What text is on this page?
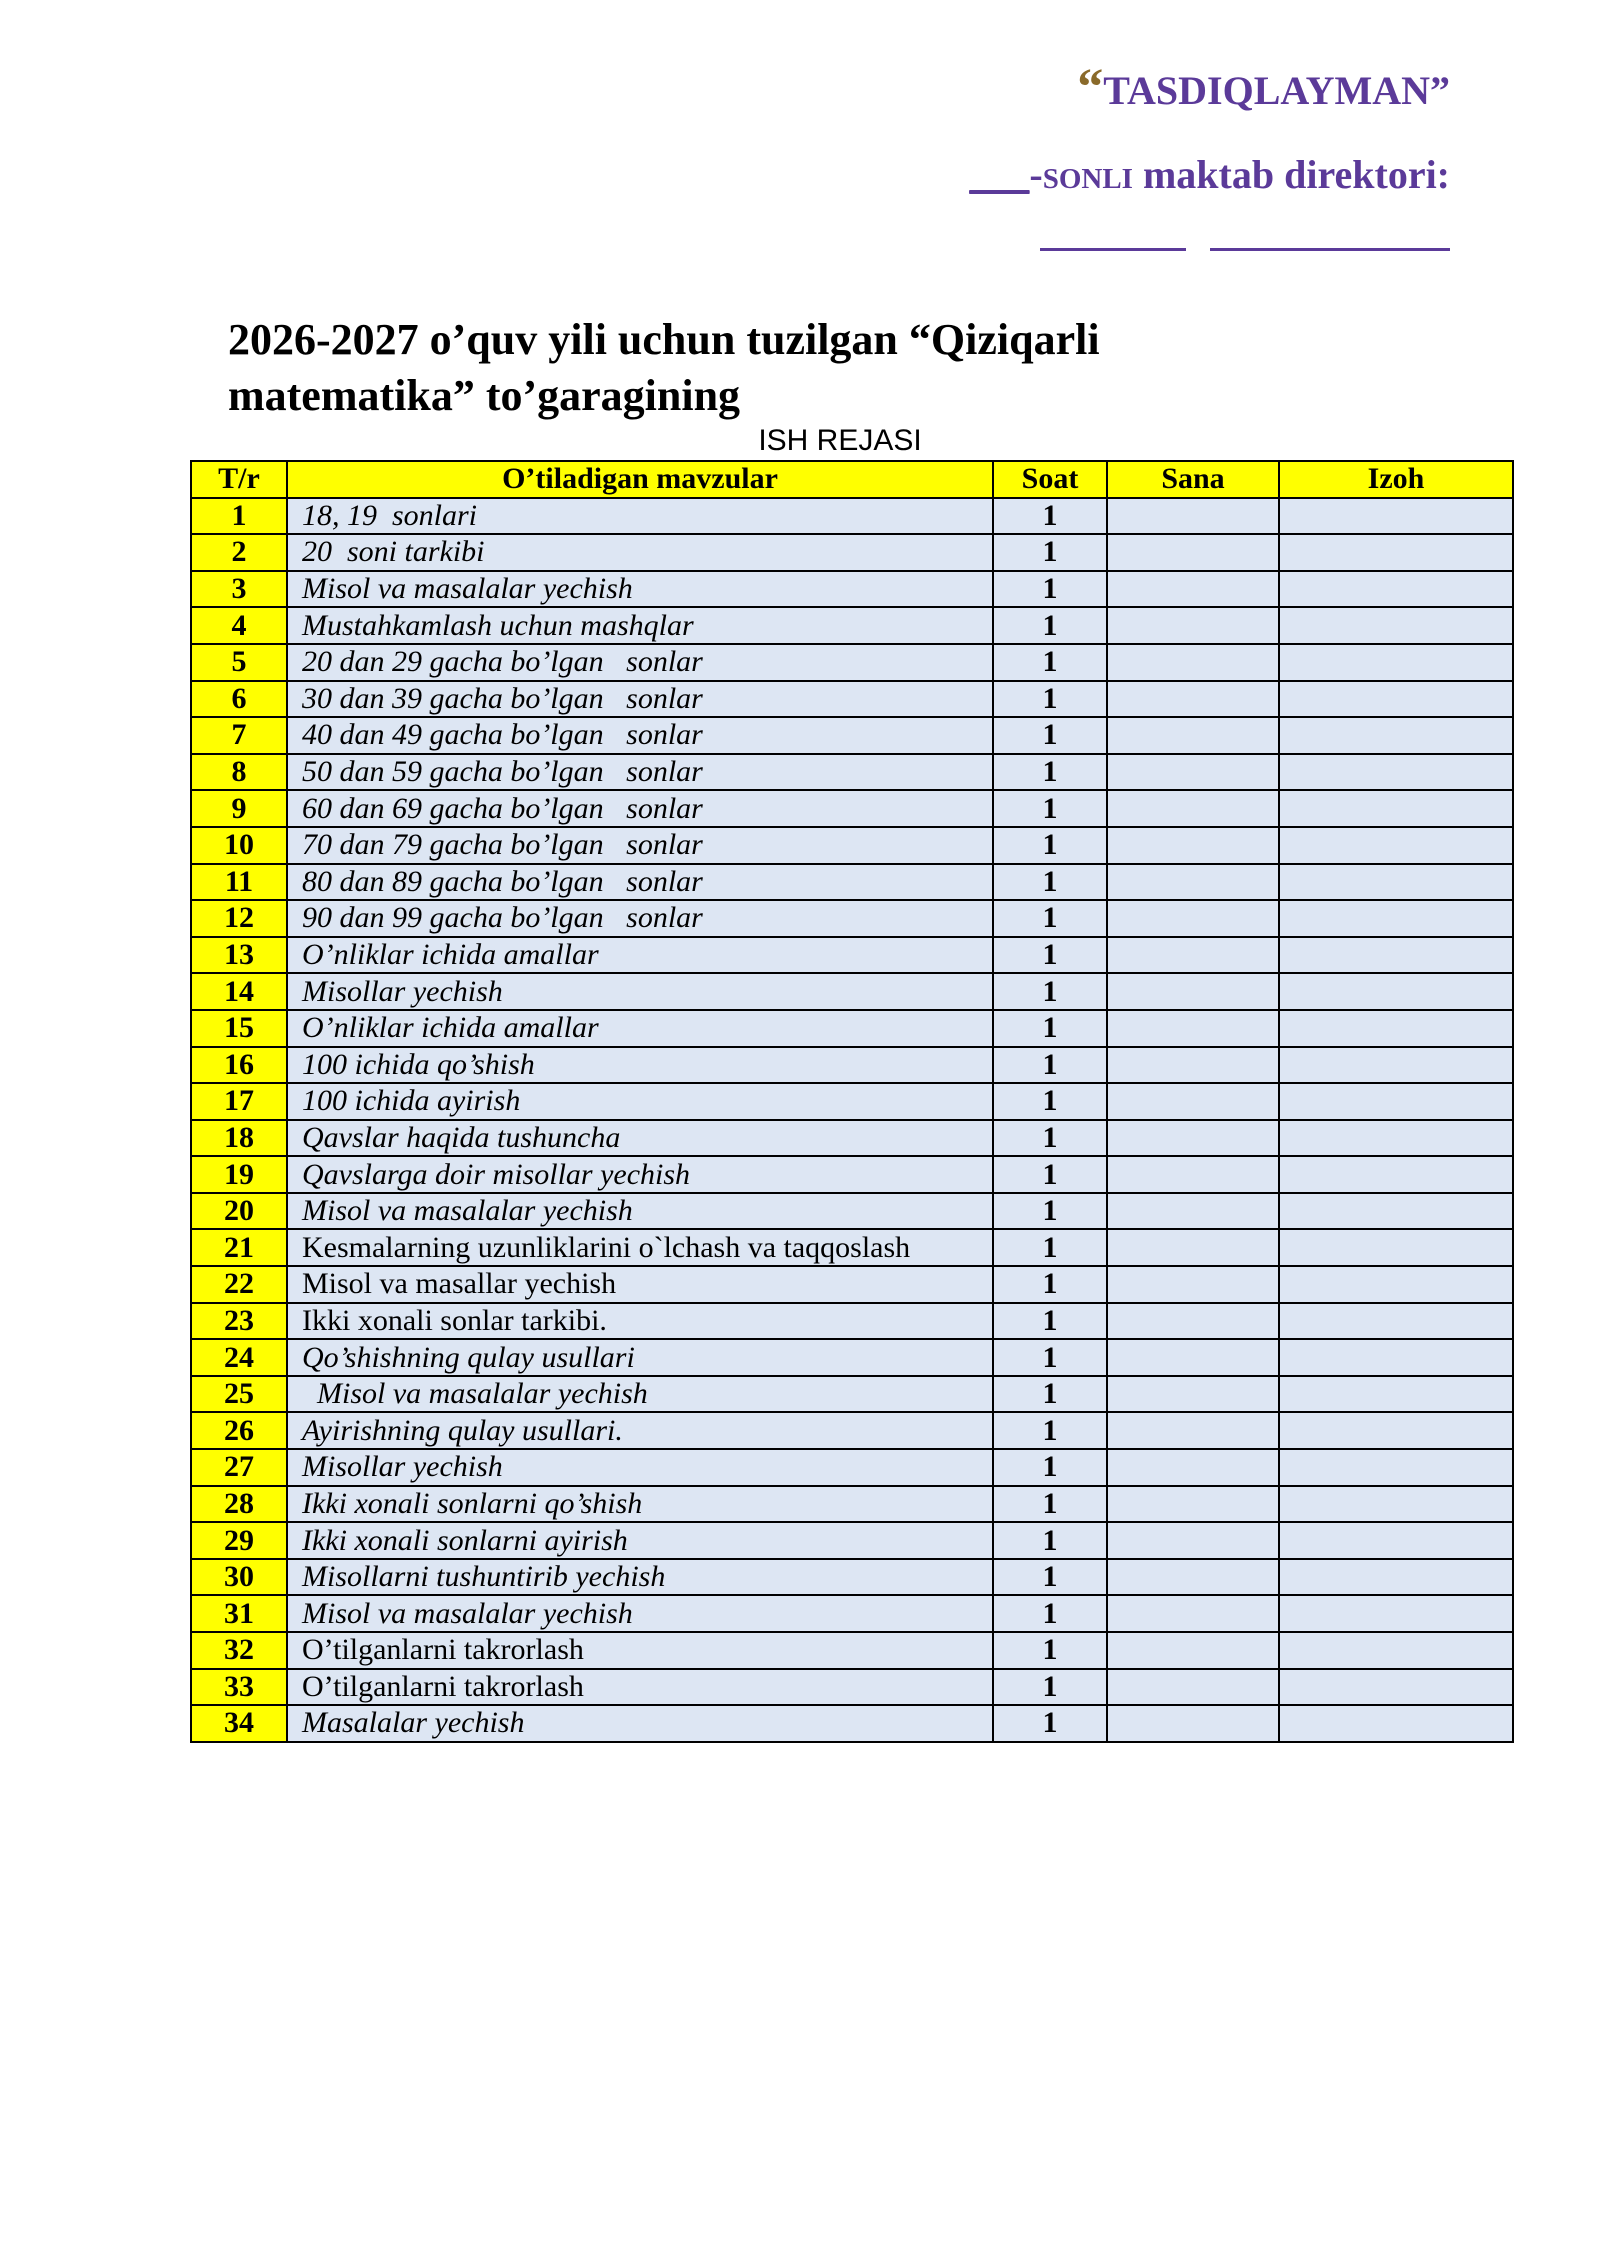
“TASDIQLAYMAN”
___-SONLI maktab direktori:
2026-2027 o’quv yili uchun tuzilgan “Qiziqarli matematika” to’garagining
ISH REJASI
T/r	O’tiladigan mavzular	Soat	Sana	Izoh
1	18, 19  sonlari	1		
2	20  soni tarkibi	1		
3	Misol va masalalar yechish	1		
4	Mustahkamlash uchun mashqlar	1		
5	20 dan 29 gacha bo’lgan   sonlar	1		
6	30 dan 39 gacha bo’lgan   sonlar	1		
7	40 dan 49 gacha bo’lgan   sonlar	1		
8	50 dan 59 gacha bo’lgan   sonlar	1		
9	60 dan 69 gacha bo’lgan   sonlar	1		
10	70 dan 79 gacha bo’lgan   sonlar	1		
11	80 dan 89 gacha bo’lgan   sonlar	1		
12	90 dan 99 gacha bo’lgan   sonlar	1		
13	O’nliklar ichida amallar	1		
14	Misollar yechish	1		
15	O’nliklar ichida amallar	1		
16	100 ichida qo’shish	1		
17	100 ichida ayirish	1		
18	Qavslar haqida tushuncha	1		
19	Qavslarga doir misollar yechish	1		
20	Misol va masalalar yechish	1		
21	Kesmalarning uzunliklarini o`lchash va taqqoslash	1		
22	Misol va masallar yechish	1		
23	Ikki xonali sonlar tarkibi.	1		
24	Qo’shishning qulay usullari	1		
25	Misol va masalalar yechish	1		
26	Ayirishning qulay usullari.	1		
27	Misollar yechish	1		
28	Ikki xonali sonlarni qo’shish	1		
29	Ikki xonali sonlarni ayirish	1		
30	Misollarni tushuntirib yechish	1		
31	Misol va masalalar yechish	1		
32	O’tilganlarni takrorlash	1		
33	O’tilganlarni takrorlash	1		
34	Masalalar yechish	1		
